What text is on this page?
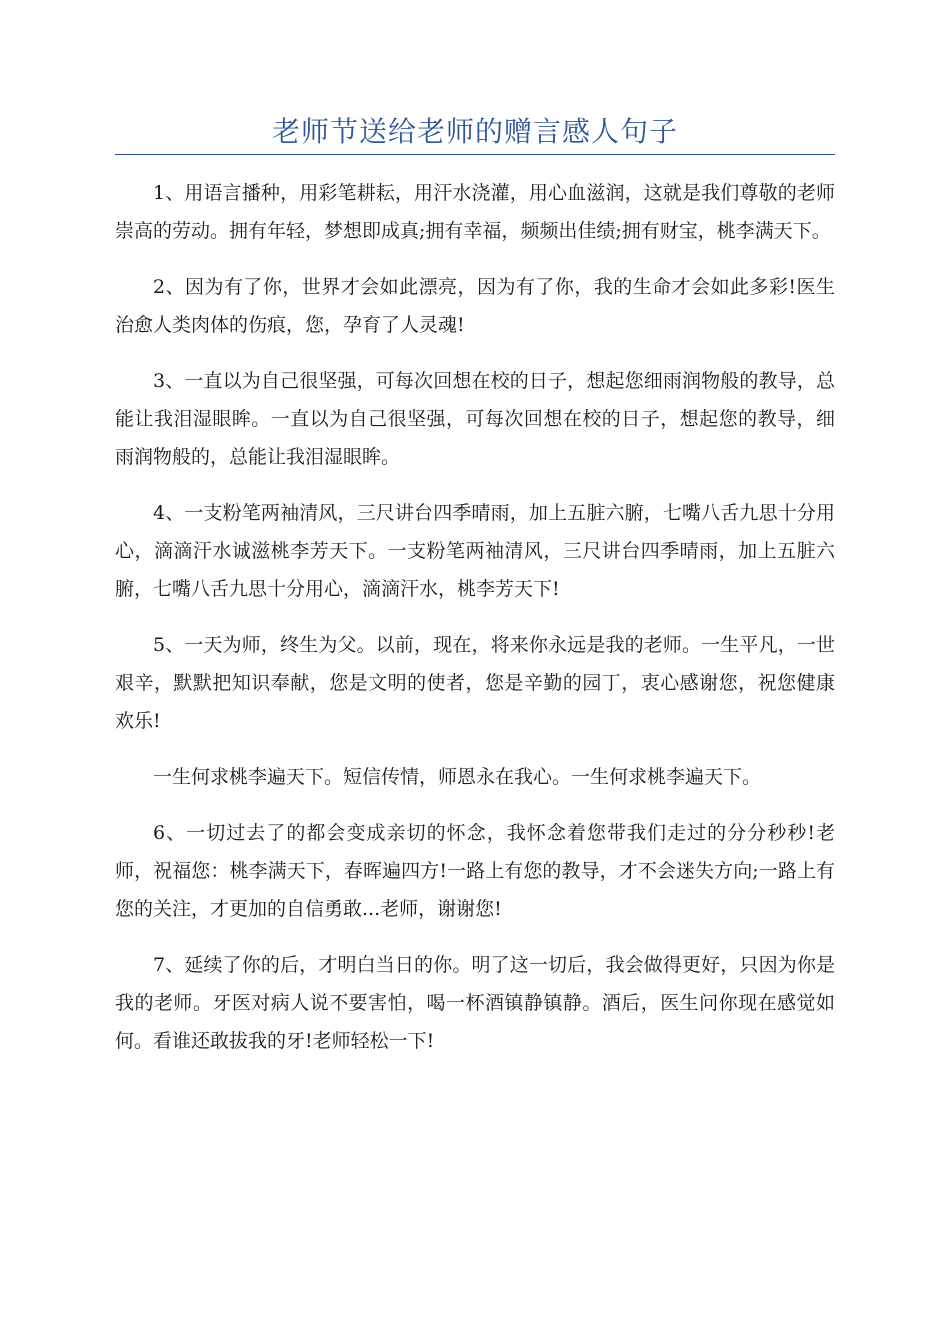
老师节送给老师的赠言感人句子

1、用语言播种，用彩笔耕耘，用汗水浇灌，用心血滋润，这就是我们尊敬的老师崇高的劳动。拥有年轻，梦想即成真;拥有幸福，频频出佳绩;拥有财宝，桃李满天下。

2、因为有了你，世界才会如此漂亮，因为有了你，我的生命才会如此多彩!医生治愈人类肉体的伤痕，您，孕育了人灵魂!

3、一直以为自己很坚强，可每次回想在校的日子，想起您细雨润物般的教导，总能让我泪湿眼眸。一直以为自己很坚强，可每次回想在校的日子，想起您的教导，细雨润物般的，总能让我泪湿眼眸。

4、一支粉笔两袖清风，三尺讲台四季晴雨，加上五脏六腑，七嘴八舌九思十分用心，滴滴汗水诚滋桃李芳天下。一支粉笔两袖清风，三尺讲台四季晴雨，加上五脏六腑，七嘴八舌九思十分用心，滴滴汗水，桃李芳天下!

5、一天为师，终生为父。以前，现在，将来你永远是我的老师。一生平凡，一世艰辛，默默把知识奉献，您是文明的使者，您是辛勤的园丁，衷心感谢您，祝您健康欢乐!

一生何求桃李遍天下。短信传情，师恩永在我心。一生何求桃李遍天下。

6、一切过去了的都会变成亲切的怀念，我怀念着您带我们走过的分分秒秒!老师，祝福您：桃李满天下，春晖遍四方!一路上有您的教导，才不会迷失方向;一路上有您的关注，才更加的自信勇敢...老师，谢谢您!

7、延续了你的后，才明白当日的你。明了这一切后，我会做得更好，只因为你是我的老师。牙医对病人说不要害怕，喝一杯酒镇静镇静。酒后，医生问你现在感觉如何。看谁还敢拔我的牙!老师轻松一下!
